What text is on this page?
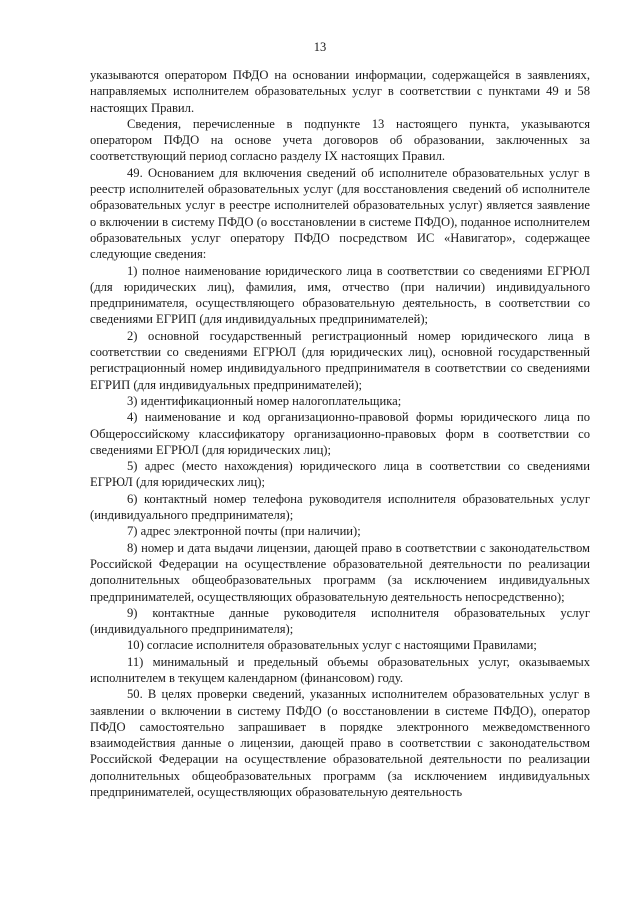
13

указываются оператором ПФДО на основании информации, содержащейся в заявлениях, направляемых исполнителем образовательных услуг в соответствии с пунктами 49 и 58 настоящих Правил.

Сведения, перечисленные в подпункте 13 настоящего пункта, указываются оператором ПФДО на основе учета договоров об образовании, заключенных за соответствующий период согласно разделу IX настоящих Правил.

49. Основанием для включения сведений об исполнителе образовательных услуг в реестр исполнителей образовательных услуг (для восстановления сведений об исполнителе образовательных услуг в реестре исполнителей образовательных услуг) является заявление о включении в систему ПФДО (о восстановлении в системе ПФДО), поданное исполнителем образовательных услуг оператору ПФДО посредством ИС «Навигатор», содержащее следующие сведения:

1) полное наименование юридического лица в соответствии со сведениями ЕГРЮЛ (для юридических лиц), фамилия, имя, отчество (при наличии) индивидуального предпринимателя, осуществляющего образовательную деятельность, в соответствии со сведениями ЕГРИП (для индивидуальных предпринимателей);

2) основной государственный регистрационный номер юридического лица в соответствии со сведениями ЕГРЮЛ (для юридических лиц), основной государственный регистрационный номер индивидуального предпринимателя в соответствии со сведениями ЕГРИП (для индивидуальных предпринимателей);

3) идентификационный номер налогоплательщика;

4) наименование и код организационно-правовой формы юридического лица по Общероссийскому классификатору организационно-правовых форм в соответствии со сведениями ЕГРЮЛ (для юридических лиц);

5) адрес (место нахождения) юридического лица в соответствии со сведениями ЕГРЮЛ (для юридических лиц);

6) контактный номер телефона руководителя исполнителя образовательных услуг (индивидуального предпринимателя);

7) адрес электронной почты (при наличии);

8) номер и дата выдачи лицензии, дающей право в соответствии с законодательством Российской Федерации на осуществление образовательной деятельности по реализации дополнительных общеобразовательных программ (за исключением индивидуальных предпринимателей, осуществляющих образовательную деятельность непосредственно);

9) контактные данные руководителя исполнителя образовательных услуг (индивидуального предпринимателя);

10) согласие исполнителя образовательных услуг с настоящими Правилами;

11) минимальный и предельный объемы образовательных услуг, оказываемых исполнителем в текущем календарном (финансовом) году.

50. В целях проверки сведений, указанных исполнителем образовательных услуг в заявлении о включении в систему ПФДО (о восстановлении в системе ПФДО), оператор ПФДО самостоятельно запрашивает в порядке электронного межведомственного взаимодействия данные о лицензии, дающей право в соответствии с законодательством Российской Федерации на осуществление образовательной деятельности по реализации дополнительных общеобразовательных программ (за исключением индивидуальных предпринимателей, осуществляющих образовательную деятельность
